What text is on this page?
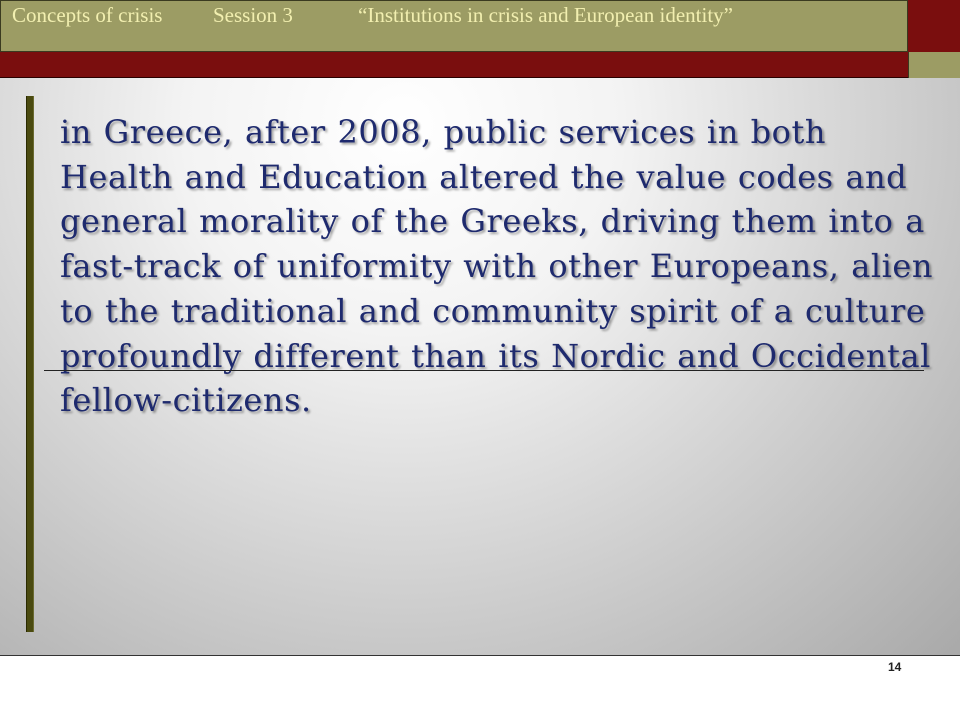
Concepts of crisis Session 3	“Institutions in crisis and European identity”

in Greece, after 2008, public services in both Health and Education altered the value codes and general morality of the Greeks, driving them into a fast-track of uniformity with other Europeans, alien to the traditional and community spirit of a culture profoundly different than its Nordic and Occidental fellow-citizens.

14
